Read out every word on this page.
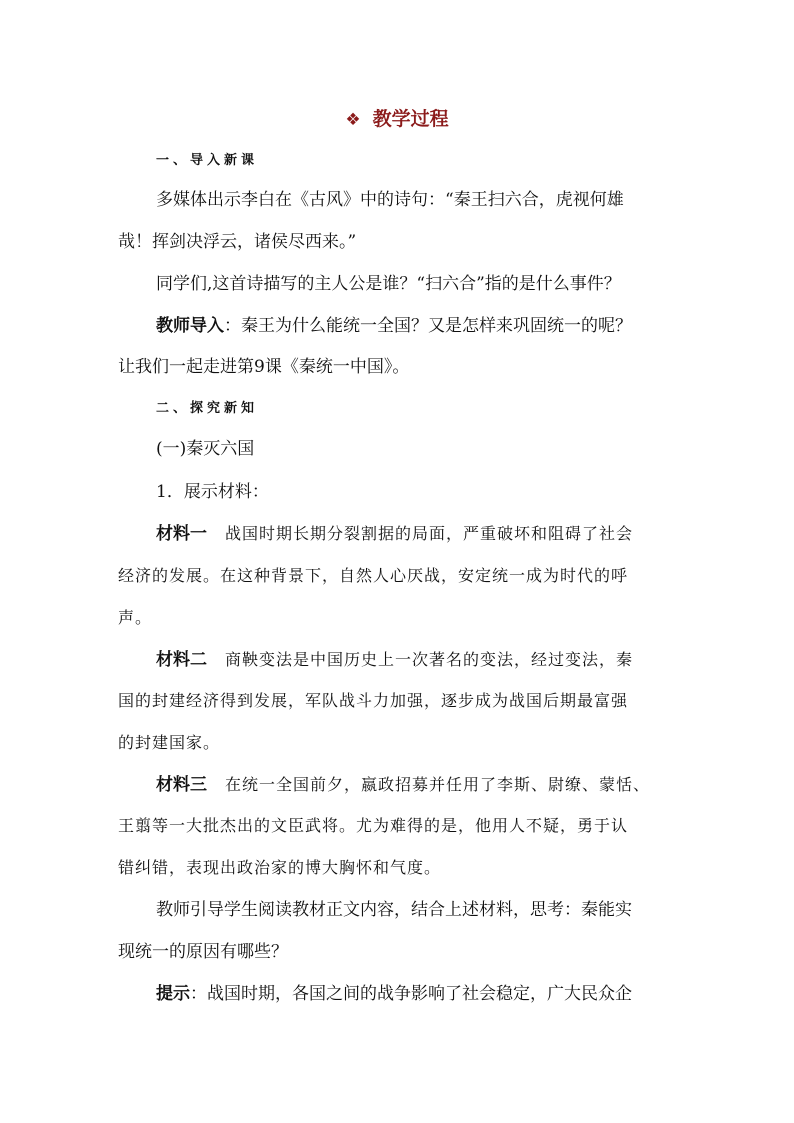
❖ 教学过程
一、导入新课
多媒体出示李白在《古风》中的诗句：“秦王扫六合，虎视何雄
哉！挥剑决浮云，诸侯尽西来。”
同学们,这首诗描写的主人公是谁？“扫六合”指的是什么事件？
教师导入：秦王为什么能统一全国？又是怎样来巩固统一的呢？
让我们一起走进第9课《秦统一中国》。
二、探究新知
(一)秦灭六国
1．展示材料：
材料一 战国时期长期分裂割据的局面，严重破坏和阻碍了社会
经济的发展。在这种背景下，自然人心厌战，安定统一成为时代的呼
声。
材料二 商鞅变法是中国历史上一次著名的变法，经过变法，秦
国的封建经济得到发展，军队战斗力加强，逐步成为战国后期最富强
的封建国家。
材料三 在统一全国前夕，嬴政招募并任用了李斯、尉缭、蒙恬、
王翦等一大批杰出的文臣武将。尤为难得的是，他用人不疑，勇于认
错纠错，表现出政治家的博大胸怀和气度。
教师引导学生阅读教材正文内容，结合上述材料，思考：秦能实
现统一的原因有哪些？
提示：战国时期，各国之间的战争影响了社会稳定，广大民众企
